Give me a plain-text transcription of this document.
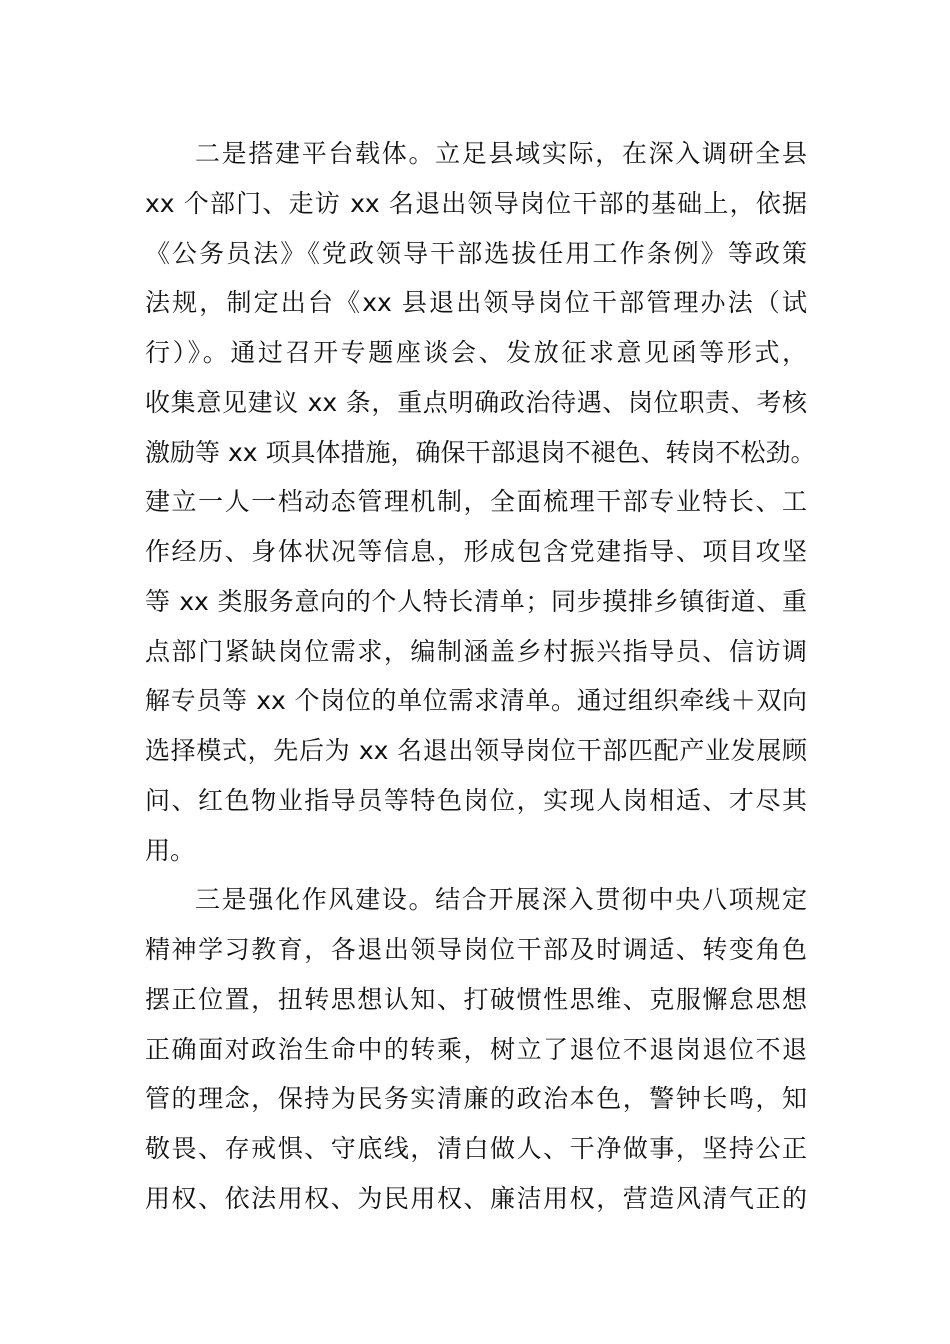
二是搭建平台载体。立足县域实际，在深入调研全县
xx 个部门、走访 xx 名退出领导岗位干部的基础上，依据
《公务员法》《党政领导干部选拔任用工作条例》等政策
法规，制定出台《xx 县退出领导岗位干部管理办法（试
行）》。通过召开专题座谈会、发放征求意见函等形式，
收集意见建议 xx 条，重点明确政治待遇、岗位职责、考核
激励等 xx 项具体措施，确保干部退岗不褪色、转岗不松劲。
建立一人一档动态管理机制，全面梳理干部专业特长、工
作经历、身体状况等信息，形成包含党建指导、项目攻坚
等 xx 类服务意向的个人特长清单；同步摸排乡镇街道、重
点部门紧缺岗位需求，编制涵盖乡村振兴指导员、信访调
解专员等 xx 个岗位的单位需求清单。通过组织牵线＋双向
选择模式，先后为 xx 名退出领导岗位干部匹配产业发展顾
问、红色物业指导员等特色岗位，实现人岗相适、才尽其
用。
三是强化作风建设。结合开展深入贯彻中央八项规定
精神学习教育，各退出领导岗位干部及时调适、转变角色
摆正位置，扭转思想认知、打破惯性思维、克服懈怠思想
正确面对政治生命中的转乘，树立了退位不退岗退位不退
管的理念，保持为民务实清廉的政治本色，警钟长鸣，知
敬畏、存戒惧、守底线，清白做人、干净做事，坚持公正
用权、依法用权、为民用权、廉洁用权，营造风清气正的
